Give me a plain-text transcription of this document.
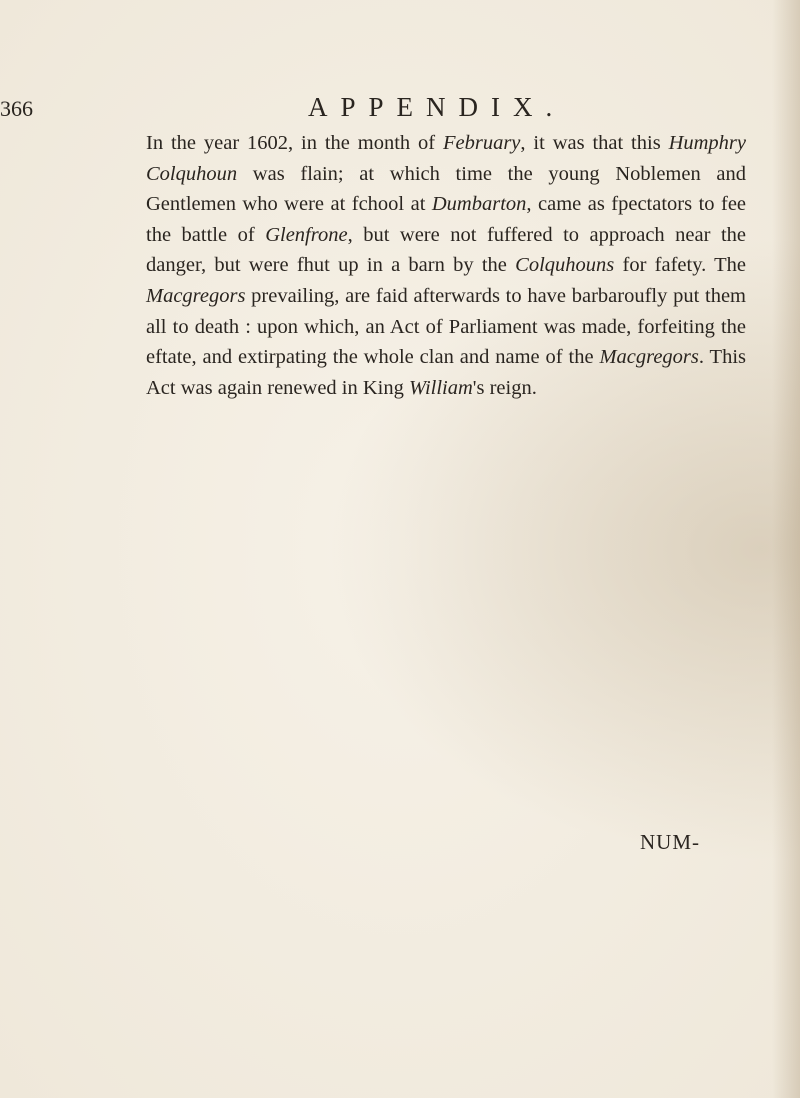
366	APPENDIX.

In the year 1602, in the month of February, it was that this Humphry Colquhoun was flain; at which time the young Noblemen and Gentlemen who were at fchool at Dumbarton, came as fpectators to fee the battle of Glenfrone, but were not fuffered to approach near the danger, but were fhut up in a barn by the Colquhouns for fafety. The Macgregors prevailing, are faid afterwards to have barbaroufly put them all to death : upon which, an Act of Parliament was made, forfeiting the eftate, and extirpating the whole clan and name of the Macgregors. This Act was again renewed in King William's reign.

NUM-
